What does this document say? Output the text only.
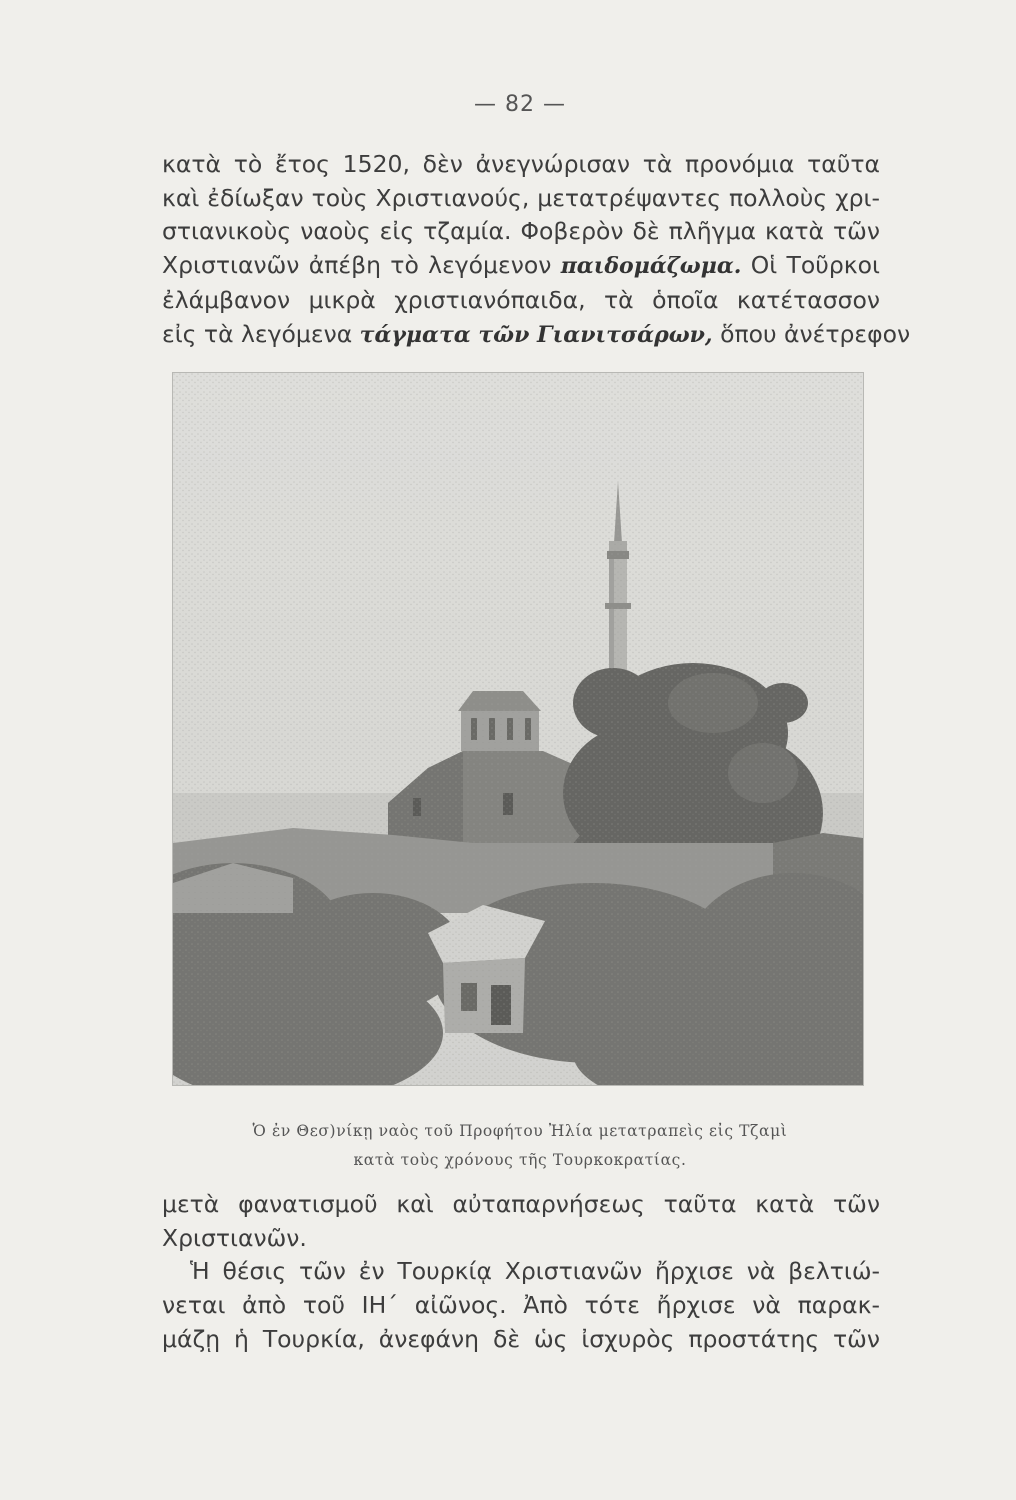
— 82 —
κατὰ τὸ ἔτος 1520, δὲν ἀνεγνώρισαν τὰ προνόμια ταῦτα
καὶ ἐδίωξαν τοὺς Χριστιανούς, μετατρέψαντες πολλοὺς χρι-
στιανικοὺς ναοὺς εἰς τζαμία. Φοβερὸν δὲ πλῆγμα κατὰ τῶν
Χριστιανῶν ἀπέβη τὸ λεγόμενον παιδομάζωμα. Οἱ Τοῦρκοι
ἐλάμβανον μικρὰ χριστιανόπαιδα, τὰ ὁποῖα κατέτασσον
εἰς τὰ λεγόμενα τάγματα τῶν Γιανιτσάρων, ὅπου ἀνέτρεφον
Ὁ ἐν Θεσ)νίκῃ ναὸς τοῦ Προφήτου Ἠλία μετατραπεὶς εἰς Τζαμὶ
κατὰ τοὺς χρόνους τῆς Τουρκοκρατίας.
μετὰ φανατισμοῦ καὶ αὐταπαρνήσεως ταῦτα κατὰ τῶν
Χριστιανῶν.
Ἡ θέσις τῶν ἐν Τουρκίᾳ Χριστιανῶν ἤρχισε νὰ βελτιώ-
νεται ἀπὸ τοῦ ΙΗ΄ αἰῶνος. Ἀπὸ τότε ἤρχισε νὰ παρακ-
μάζῃ ἡ Τουρκία, ἀνεφάνη δὲ ὡς ἰσχυρὸς προστάτης τῶν
